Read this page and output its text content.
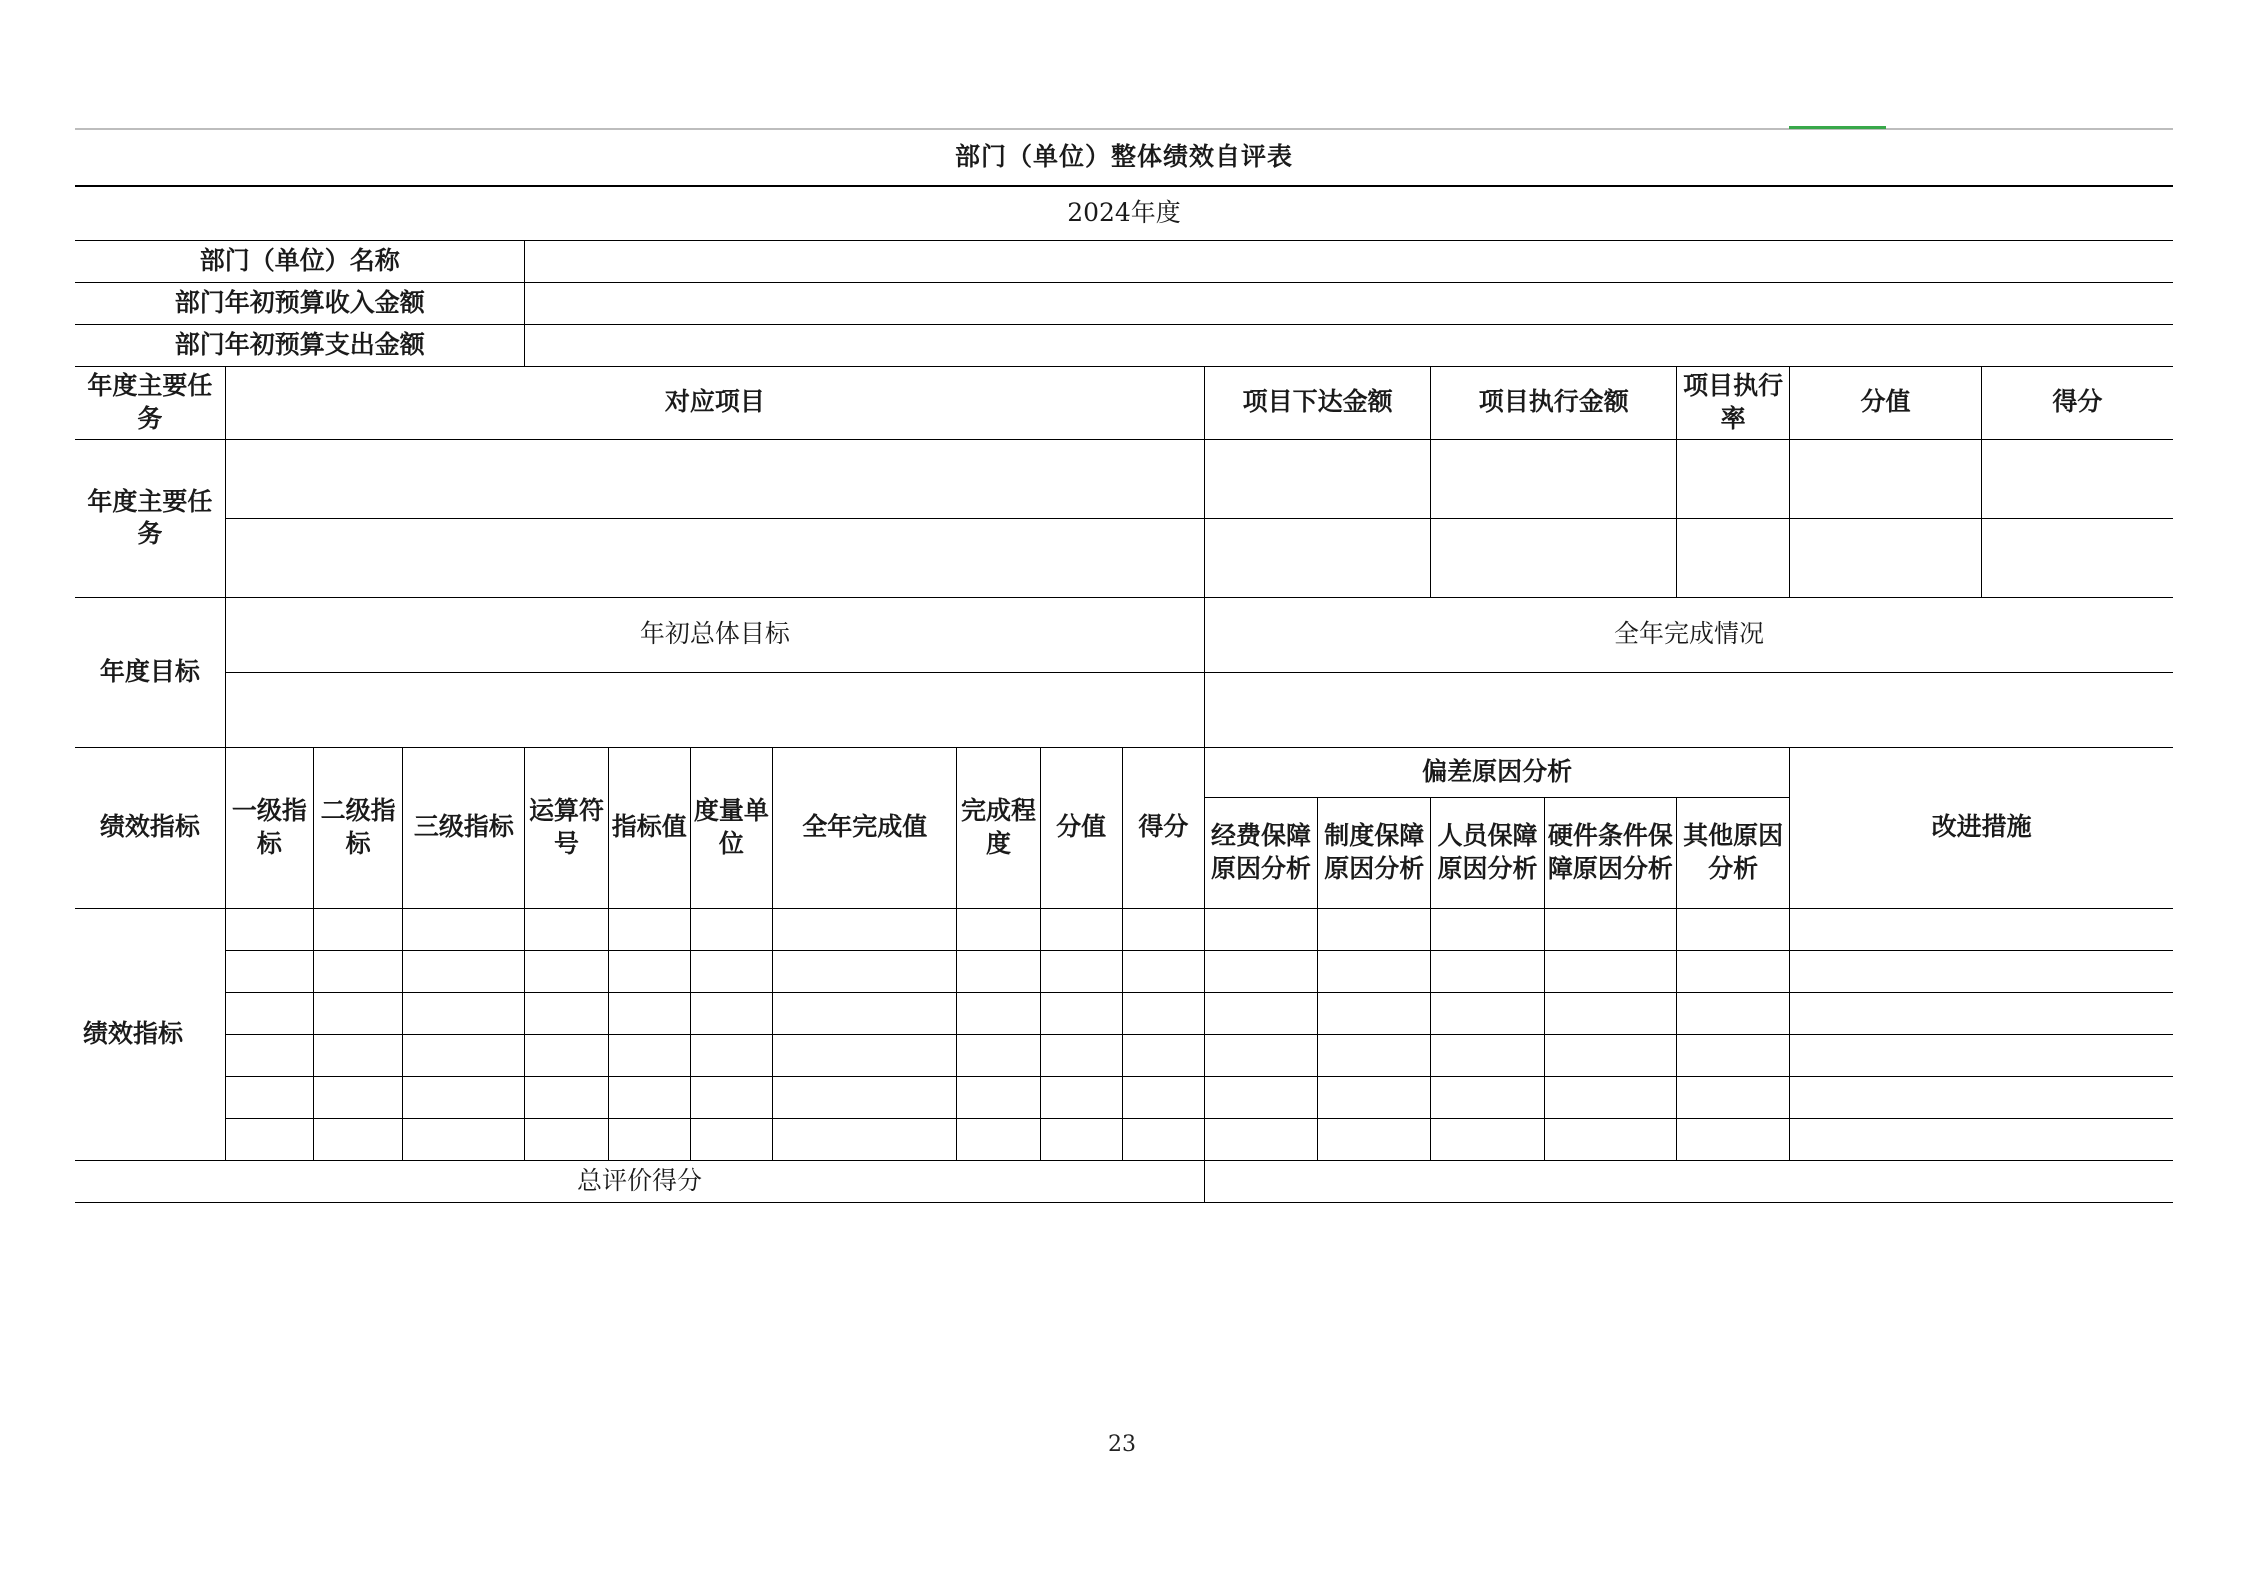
部门（单位）整体绩效自评表																	
2024年度																	
部门（单位）名称																	
部门年初预算收入金额																	
部门年初预算支出金额																	
年度主要任务	对应项目										项目下达金额		项目执行金额		项目执行率	分值	得分
年度主要任务																	

年度目标	年初总体目标										全年完成情况						

绩效指标	一级指标	二级指标	三级指标	运算符号	指标值	度量单位	全年完成值	完成程度	分值	得分	偏差原因分析					改进措施	
											经费保障原因分析	制度保障原因分析	人员保障原因分析	硬件条件保障原因分析	其他原因分析		
绩效指标																	

总评价得分																	
23
